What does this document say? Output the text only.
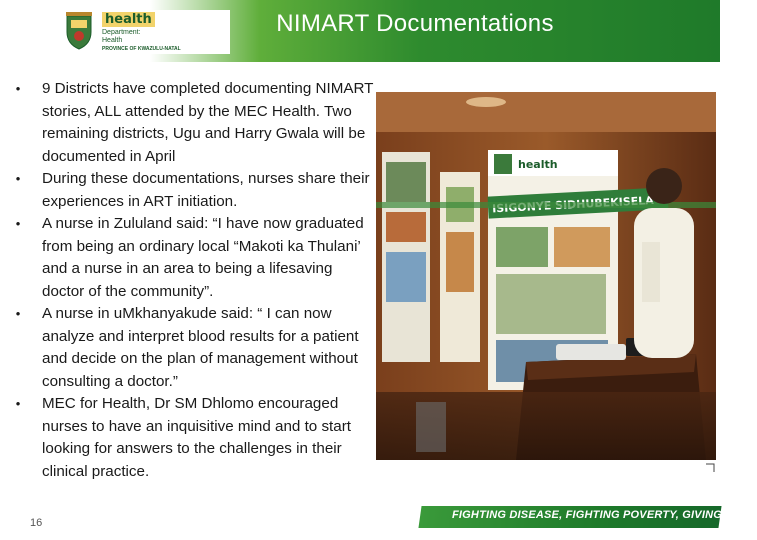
health
Department:
Health
PROVINCE OF KWAZULU-NATAL
NIMART Documentations
•	9 Districts have completed documenting NIMART stories, ALL attended by the MEC Health. Two remaining districts, Ugu and Harry Gwala will be documented in April
•	During these documentations, nurses share their experiences in ART initiation.
•	A nurse in Zululand said: “I have now graduated from being an ordinary local “Makoti ka Thulani’ and a nurse in an area to being a lifesaving doctor of the community”.
•	A nurse in uMkhanyakude said: “ I can now analyze and interpret blood results for a patient and decide on the plan of management without consulting a doctor.”
•	MEC for Health, Dr SM Dhlomo encouraged nurses to have an inquisitive mind and to start looking for answers to the challenges in their clinical practice.
health
16
FIGHTING DISEASE, FIGHTING POVERTY, GIVING HOPE
